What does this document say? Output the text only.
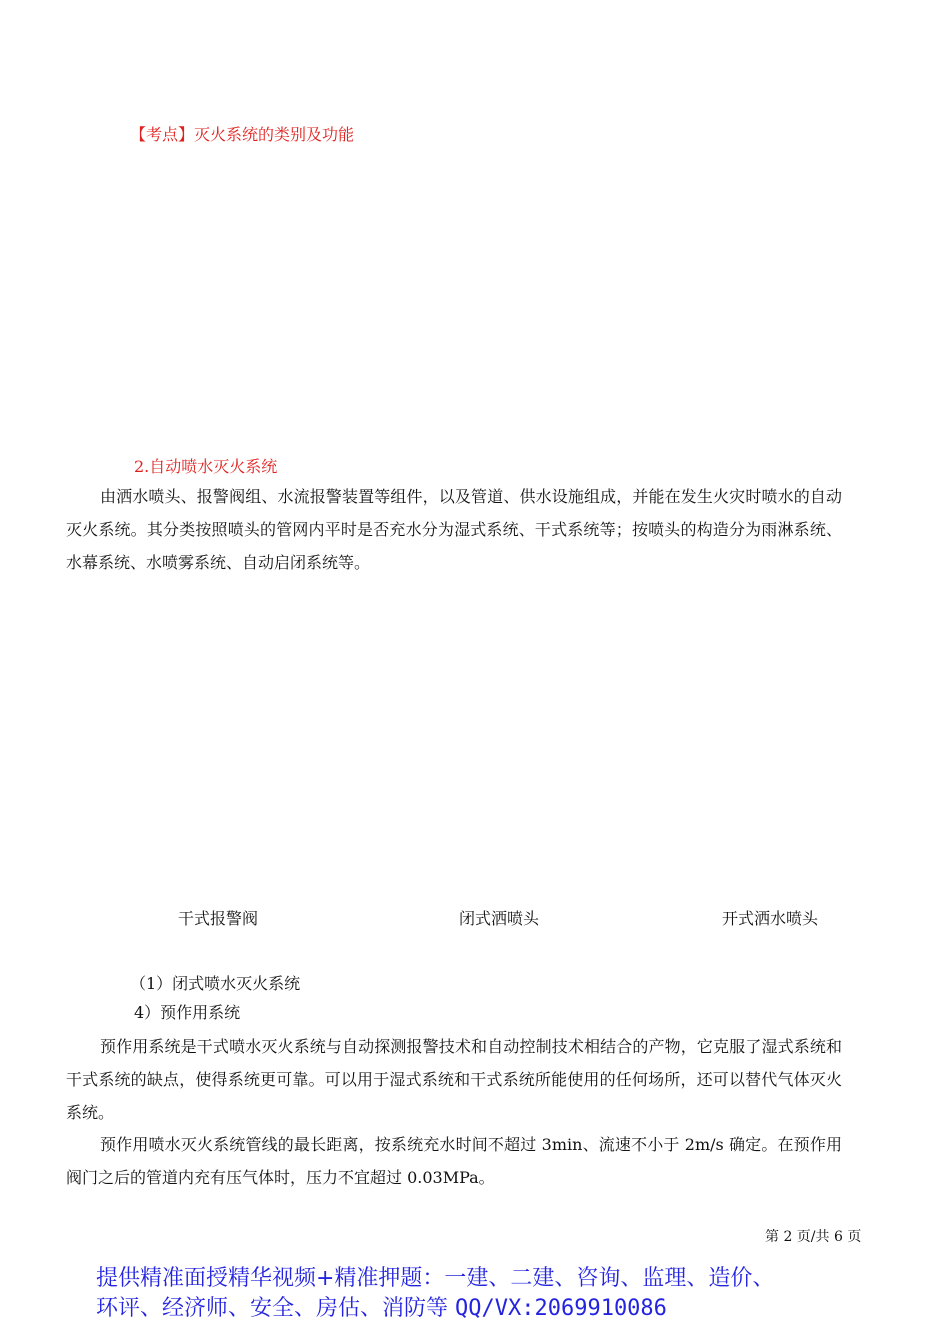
【考点】灭火系统的类别及功能
2.自动喷水灭火系统
由洒水喷头、报警阀组、水流报警装置等组件，以及管道、供水设施组成，并能在发生火灾时喷水的自动灭火系统。其分类按照喷头的管网内平时是否充水分为湿式系统、干式系统等；按喷头的构造分为雨淋系统、水幕系统、水喷雾系统、自动启闭系统等。
干式报警阀	闭式洒喷头	开式洒水喷头
（1）闭式喷水灭火系统
4）预作用系统
预作用系统是干式喷水灭火系统与自动探测报警技术和自动控制技术相结合的产物，它克服了湿式系统和干式系统的缺点，使得系统更可靠。可以用于湿式系统和干式系统所能使用的任何场所，还可以替代气体灭火系统。
预作用喷水灭火系统管线的最长距离，按系统充水时间不超过 3min、流速不小于 2m/s 确定。在预作用阀门之后的管道内充有压气体时，压力不宜超过 0.03MPa。
第 2 页/共 6 页
提供精准面授精华视频+精准押题：一建、二建、咨询、监理、造价、
环评、经济师、安全、房估、消防等 QQ/VX:2069910086
